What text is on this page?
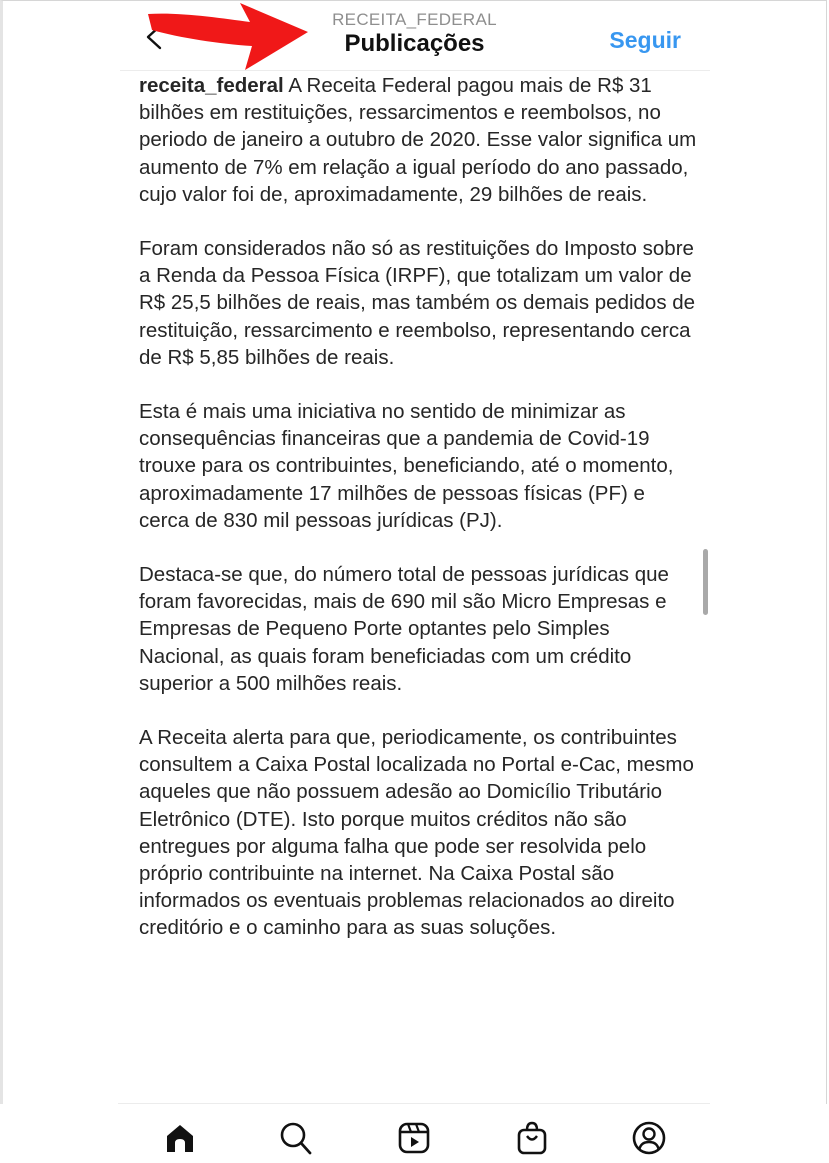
RECEITA_FEDERAL
Publicações	Seguir

receita_federal A Receita Federal pagou mais de R$ 31 bilhões em restituições, ressarcimentos e reembolsos, no periodo de janeiro a outubro de 2020. Esse valor significa um aumento de 7% em relação a igual período do ano passado, cujo valor foi de, aproximadamente, 29 bilhões de reais.

Foram considerados não só as restituições do Imposto sobre a Renda da Pessoa Física (IRPF), que totalizam um valor de R$ 25,5 bilhões de reais, mas também os demais pedidos de restituição, ressarcimento e reembolso, representando cerca de R$ 5,85 bilhões de reais.

Esta é mais uma iniciativa no sentido de minimizar as consequências financeiras que a pandemia de Covid-19 trouxe para os contribuintes, beneficiando, até o momento, aproximadamente 17 milhões de pessoas físicas (PF) e cerca de 830 mil pessoas jurídicas (PJ).

Destaca-se que, do número total de pessoas jurídicas que foram favorecidas, mais de 690 mil são Micro Empresas e Empresas de Pequeno Porte optantes pelo Simples Nacional, as quais foram beneficiadas com um crédito superior a 500 milhões reais.

A Receita alerta para que, periodicamente, os contribuintes consultem a Caixa Postal localizada no Portal e-Cac, mesmo aqueles que não possuem adesão ao Domicílio Tributário Eletrônico (DTE). Isto porque muitos créditos não são entregues por alguma falha que pode ser resolvida pelo próprio contribuinte na internet. Na Caixa Postal são informados os eventuais problemas relacionados ao direito creditório e o caminho para as suas soluções.
